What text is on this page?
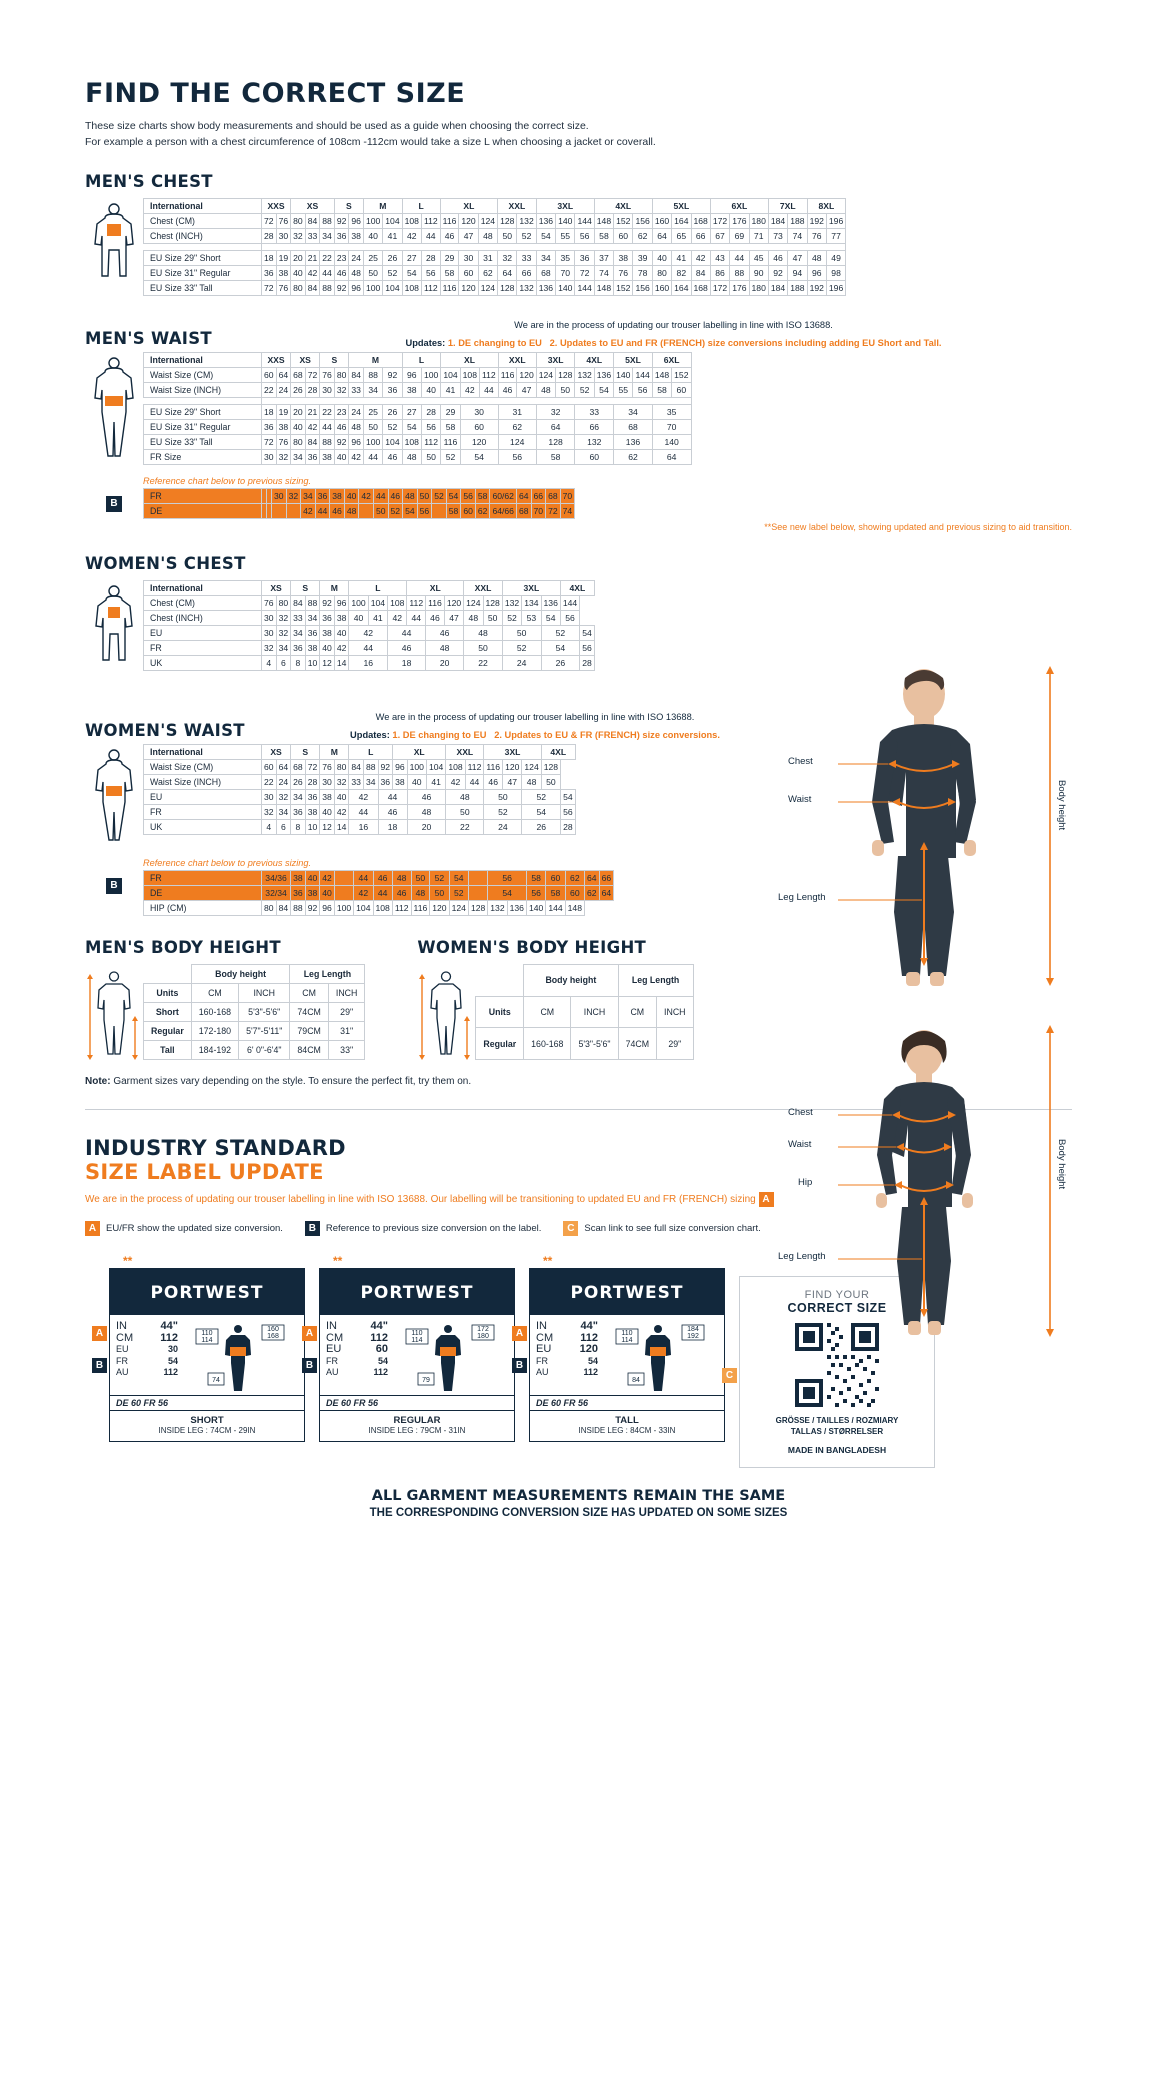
FIND THE CORRECT SIZE
These size charts show body measurements and should be used as a guide when choosing the correct size.
For example a person with a chest circumference of 108cm -112cm would take a size L when choosing a jacket or coverall.
MEN'S CHEST
International	XXS		XS			S		M		L		XL			XXL		3XL			4XL			5XL			6XL			7XL		8XL	
Chest (CM)	72	76	80	84	88	92	96	100	104	108	112	116	120	124	128	132	136	140	144	148	152	156	160	164	168	172	176	180	184	188	192	196
Chest (INCH)	28	30	32	33	34	36	38	40	41	42	44	46	47	48	50	52	54	55	56	58	60	62	64	65	66	67	69	71	73	74	76	77

EU Size 29" Short	18	19	20	21	22	23	24	25	26	27	28	29	30	31	32	33	34	35	36	37	38	39	40	41	42	43	44	45	46	47	48	49
EU Size 31" Regular	36	38	40	42	44	46	48	50	52	54	56	58	60	62	64	66	68	70	72	74	76	78	80	82	84	86	88	90	92	94	96	98
EU Size 33" Tall	72	76	80	84	88	92	96	100	104	108	112	116	120	124	128	132	136	140	144	148	152	156	160	164	168	172	176	180	184	188	192	196
MEN'S WAIST
We are in the process of updating our trouser labelling in line with ISO 13688.
Updates: 1. DE changing to EU 2. Updates to EU and FR (FRENCH) size conversions including adding EU Short and Tall.
International	XXS		XS		S		M			L		XL			XXL		3XL		4XL		5XL		6XL	
Waist Size (CM)	60	64	68	72	76	80	84	88	92	96	100	104	108	112	116	120	124	128	132	136	140	144	148	152
Waist Size (INCH)	22	24	26	28	30	32	33	34	36	38	40	41	42	44	46	47	48	50	52	54	55	56	58	60

EU Size 29" Short	18	19	20	21	22	23	24	25	26	27	28	29	30		31		32		33		34		35	
EU Size 31" Regular	36	38	40	42	44	46	48	50	52	54	56	58	60		62		64		66		68		70	
EU Size 33" Tall	72	76	80	84	88	92	96	100	104	108	112	116	120		124		128		132		136		140	
FR Size	30	32	34	36	38	40	42	44	46	48	50	52	54		56		58		60		62		64	
Reference chart below to previous sizing.
B
FR			30	32	34	36	38	40	42	44	46	48	50	52	54	56	58	60/62	64	66	68	70
DE					42	44	46	48		50	52	54	56		58	60	62	64/66	68	70	72	74
**See new label below, showing updated and previous sizing to aid transition.
WOMEN'S CHEST
International	XS		S		M		L			XL			XXL		3XL			4XL	
Chest (CM)	76	80	84	88	92	96	100	104	108	112	116	120	124	128	132	134	136	144	
Chest (INCH)	30	32	33	34	36	38	40	41	42	44	46	47	48	50	52	53	54	56	
EU	30	32	34	36	38	40	42		44		46		48		50		52		54
FR	32	34	36	38	40	42	44		46		48		50		52		54		56
UK	4	6	8	10	12	14	16		18		20		22		24		26		28
WOMEN'S WAIST
We are in the process of updating our trouser labelling in line with ISO 13688.
Updates: 1. DE changing to EU 2. Updates to EU & FR (FRENCH) size conversions.
International	XS		S		M		L			XL			XXL		3XL			4XL	
Waist Size (CM)	60	64	68	72	76	80	84	88	92	96	100	104	108	112	116	120	124	128	
Waist Size (INCH)	22	24	26	28	30	32	33	34	36	38	40	41	42	44	46	47	48	50	
EU	30	32	34	36	38	40	42		44		46		48		50		52		54
FR	32	34	36	38	40	42	44		46		48		50		52		54		56
UK	4	6	8	10	12	14	16		18		20		22		24		26		28
Reference chart below to previous sizing.
B
FR	34/36		38	40	42		44	46	48	50	52	54		56		58	60	62	64	66
DE	32/34		36	38	40		42	44	46	48	50	52		54		56	58	60	62	64
HIP (CM)	80	84	88	92	96	100	104	108	112	116	120	124	128	132	136	140	144	148		
MEN'S BODY HEIGHT
	Body height		Leg Length	
Units	CM	INCH	CM	INCH
Short	160-168	5'3"-5'6"	74CM	29"
Regular	172-180	5'7"-5'11"	79CM	31"
Tall	184-192	6' 0"-6'4"	84CM	33"
WOMEN'S BODY HEIGHT
	Body height		Leg Length	
Units	CM	INCH	CM	INCH
Regular	160-168	5'3"-5'6"	74CM	29"
Note: Garment sizes vary depending on the style. To ensure the perfect fit, try them on.
INDUSTRY STANDARD
SIZE LABEL UPDATE
We are in the process of updating our trouser labelling in line with ISO 13688. Our labelling will be transitioning to updated EU and FR (FRENCH) sizing A
A	EU/FR show the updated size conversion.	B	Reference to previous size conversion on the label.	C	Scan link to see full size conversion chart.
**
A
B
PORTWEST
IN	44"
CM 112
EU	30
FR	54
AU	112
110
114
160
168
74
DE 60 FR 56
SHORT
INSIDE LEG : 74CM - 29IN
**
A
B
PORTWEST
IN	44"
CM 112
EU	60
FR	54
AU	112
110
114
172
180
79
DE 60 FR 56
REGULAR
INSIDE LEG : 79CM - 31IN
**
A
B
PORTWEST
IN	44"
CM 112
EU	120
FR	54
AU	112
110
114
184
192
84
DE 60 FR 56
TALL
INSIDE LEG : 84CM - 33IN
C
FIND YOUR
CORRECT SIZE
GRÖSSE / TAILLES / ROZMIARY
TALLAS / STØRRELSER
MADE IN BANGLADESH
ALL GARMENT MEASUREMENTS REMAIN THE SAME
THE CORRESPONDING CONVERSION SIZE HAS UPDATED ON SOME SIZES
Chest
Waist
Leg Length
Body height
Chest
Waist
Hip
Leg Length
Body height
